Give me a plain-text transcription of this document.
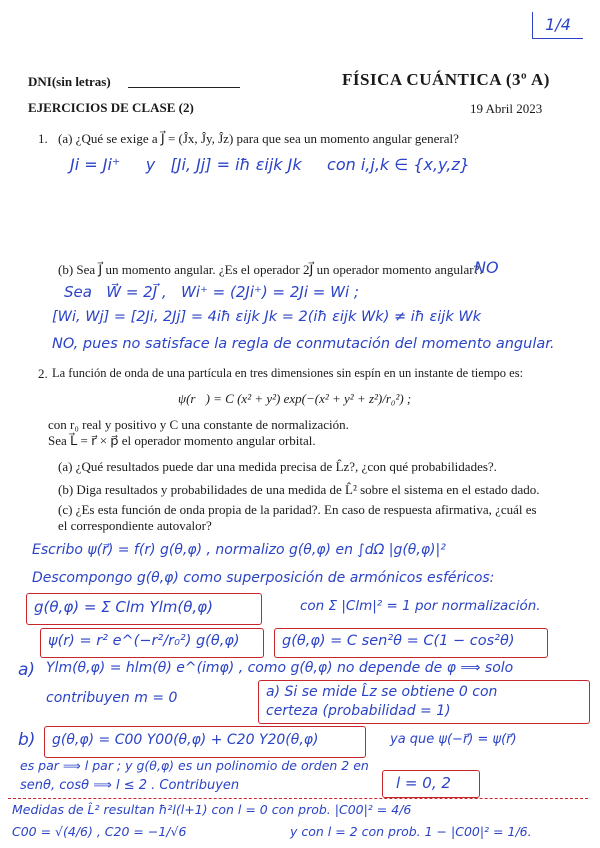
1/4
DNI(sin letras)	FÍSICA CUÁNTICA (3º A)
EJERCICIOS DE CLASE (2)	19 Abril 2023
1. (a) ¿Qué se exige a J⃗ = (Ĵx, Ĵy, Ĵz) para que sea un momento angular general?
Ji = Ji⁺     y   [Ji, Jj] = iħ εijk Jk     con i,j,k ∈ {x,y,z}
(b) Sea J⃗ un momento angular. ¿Es el operador 2J⃗ un operador momento angular?.
NO
Sea   W⃗ = 2J⃗ ,   Wi⁺ = (2Ji⁺) = 2Ji = Wi ;
[Wi, Wj] = [2Ji, 2Jj] = 4iħ εijk Jk = 2(iħ εijk Wk) ≠ iħ εijk Wk
NO, pues no satisface la regla de conmutación del momento angular.
2. La función de onda de una partícula en tres dimensiones sin espín en un instante de tiempo es:
ψ(r⃗) = C (x² + y²) exp(−(x² + y² + z²)/r₀²) ;
con r₀ real y positivo y C una constante de normalización.
Sea L⃗ = r⃗ × p⃗ el operador momento angular orbital.
(a) ¿Qué resultados puede dar una medida precisa de L̂z?, ¿con qué probabilidades?.
(b) Diga resultados y probabilidades de una medida de L̂² sobre el sistema en el estado dado.
(c) ¿Es esta función de onda propia de la paridad?. En caso de respuesta afirmativa, ¿cuál es el correspondiente autovalor?
Escribo ψ(r⃗) = f(r) g(θ,φ) , normalizo g(θ,φ) en ∫dΩ |g(θ,φ)|²
Descompongo g(θ,φ) como superposición de armónicos esféricos:
g(θ,φ) = Σ Clm Ylm(θ,φ)	con Σ |Clm|² = 1 por normalización.
ψ(r) = r² e^(−r²/r₀²) g(θ,φ)	g(θ,φ) = C sen²θ = C(1 − cos²θ)
a) Ylm(θ,φ) = hlm(θ) e^(imφ) , como g(θ,φ) no depende de φ ⟹ solo
contribuyen m = 0	a) Si se mide L̂z se obtiene 0 con
certeza (probabilidad = 1)
b) g(θ,φ) = C00 Y00(θ,φ) + C20 Y20(θ,φ)	ya que ψ(−r⃗) = ψ(r⃗)
es par ⟹ l par ; y g(θ,φ) es un polinomio de orden 2 en
senθ, cosθ ⟹ l ≤ 2 . Contribuyen	l = 0, 2
Medidas de L̂² resultan ħ²l(l+1) con l = 0 con prob. |C00|² = 4/6
C00 = √(4/6) , C20 = −1/√6	y con l = 2 con prob. 1 − |C00|² = 1/6.
